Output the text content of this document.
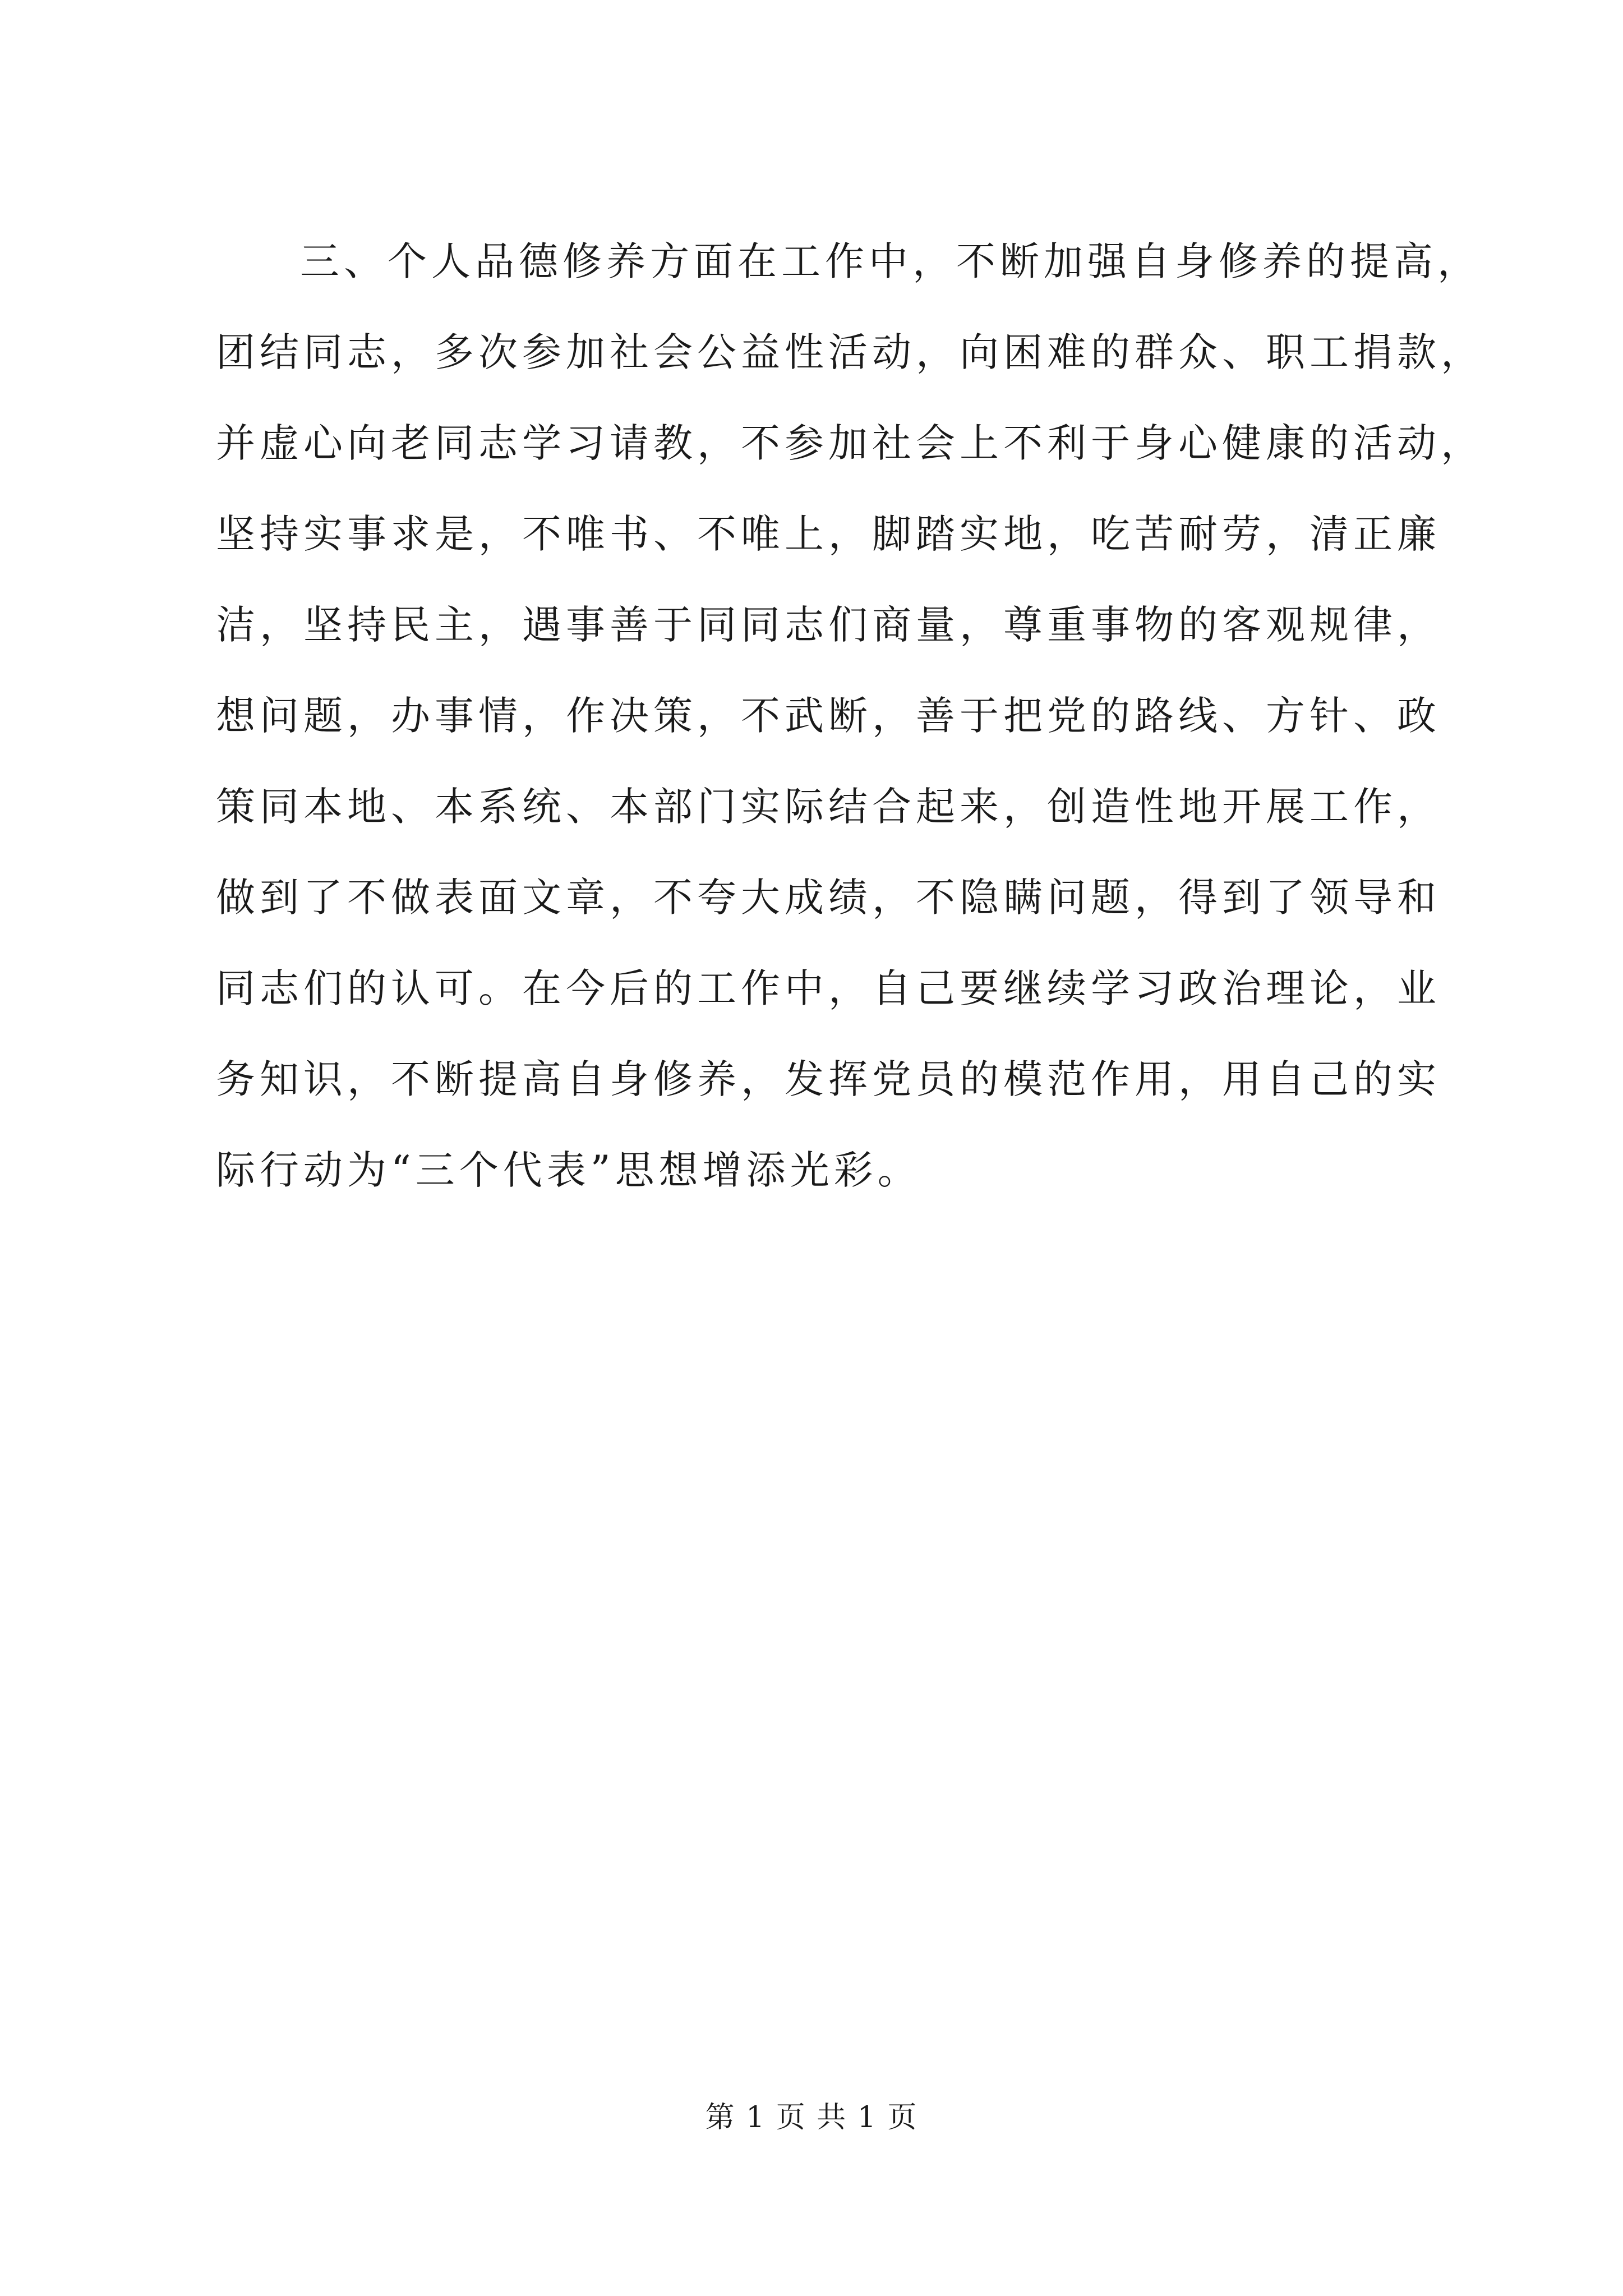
三、个人品德修养方面在工作中，不断加强自身修养的提高，
团结同志，多次参加社会公益性活动，向困难的群众、职工捐款，
并虚心向老同志学习请教，不参加社会上不利于身心健康的活动，
坚持实事求是，不唯书、不唯上，脚踏实地，吃苦耐劳，清正廉
洁，坚持民主，遇事善于同同志们商量，尊重事物的客观规律，
想问题，办事情，作决策，不武断，善于把党的路线、方针、政
策同本地、本系统、本部门实际结合起来，创造性地开展工作，
做到了不做表面文章，不夸大成绩，不隐瞒问题，得到了领导和
同志们的认可。在今后的工作中，自己要继续学习政治理论，业
务知识，不断提高自身修养，发挥党员的模范作用，用自己的实
际行动为“三个代表”思想增添光彩。
第 1 页 共 1 页
